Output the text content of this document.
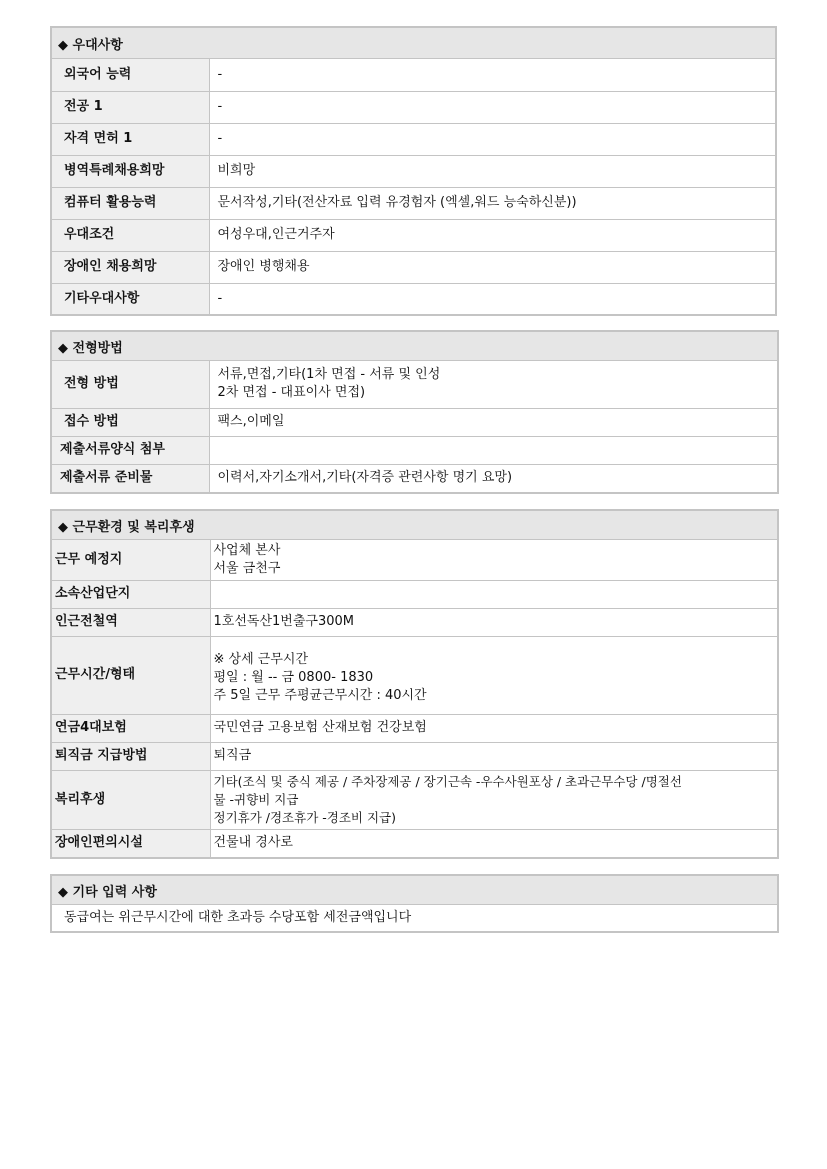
◆ 우대사항
외국어 능력	-
전공 1	-
자격 면허 1	-
병역특례채용희망	비희망
컴퓨터 활용능력	문서작성,기타(전산자료 입력 유경험자 (엑셀,워드 능숙하신분))
우대조건	여성우대,인근거주자
장애인 채용희망	장애인 병행채용
기타우대사항	-
◆ 전형방법
전형 방법	서류,면접,기타(1차 면접 - 서류 및 인성
2차 면접 - 대표이사 면접)

접수 방법	팩스,이메일
제출서류양식 첨부	
제출서류 준비물	이력서,자기소개서,기타(자격증 관련사항 명기 요망)
◆ 근무환경 및 복리후생
근무 예정지	사업체 본사
서울 금천구

소속산업단지	
인근전철역	1호선독산1번출구300M
근무시간/형태	※ 상세 근무시간
평일 : 월 -- 금 0800- 1830
주 5일 근무 주평균근무시간 : 40시간

연금4대보험	국민연금 고용보험 산재보험 건강보험
퇴직금 지급방법	퇴직금
복리후생	기타(조식 및 중식 제공 / 주차장제공 / 장기근속 -우수사원포상 / 초과근무수당 /명절선
물 -귀향비 지급
정기휴가 /경조휴가 -경조비 지급)

장애인편의시설	건물내 경사로
◆ 기타 입력 사항
동급여는 위근무시간에 대한 초과등 수당포함 세전금액입니다
